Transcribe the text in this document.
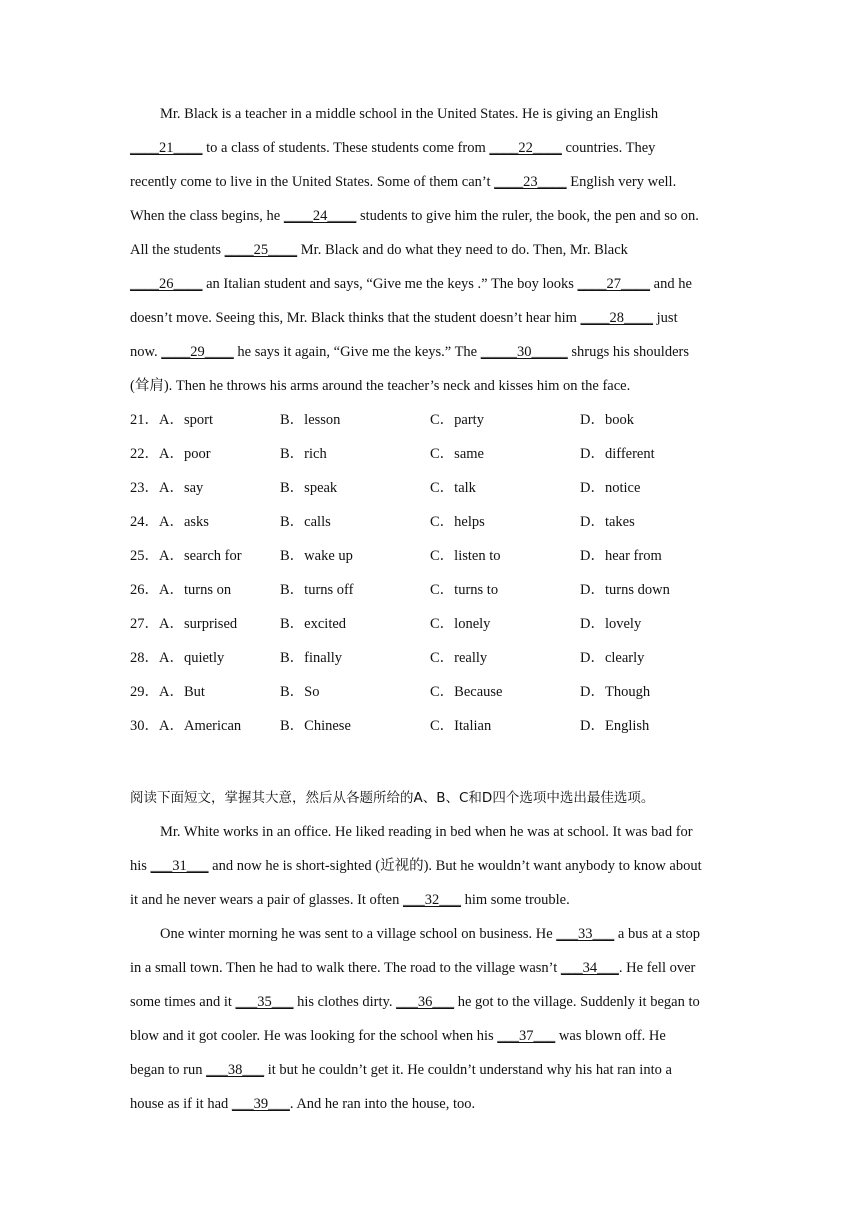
Mr. Black is a teacher in a middle school in the United States. He is giving an English
____21____ to a class of students. These students come from ____22____ countries. They
recently come to live in the United States. Some of them can’t ____23____ English very well.
When the class begins, he ____24____ students to give him the ruler, the book, the pen and so on.
All the students ____25____ Mr. Black and do what they need to do. Then, Mr. Black
____26____ an Italian student and says, “Give me the keys .” The boy looks ____27____ and he
doesn’t move. Seeing this, Mr. Black thinks that the student doesn’t hear him ____28____ just
now. ____29____ he says it again, “Give me the keys.” The _____30_____ shrugs his shoulders
(耸肩). Then he throws his arms around the teacher’s neck and kisses him on the face.
21．A．sport	B．lesson	C．party	D．book
22．A．poor	B．rich	C．same	D．different
23．A．say	B．speak	C．talk	D．notice
24．A．asks	B．calls	C．helps	D．takes
25．A．search for	B．wake up	C．listen to	D．hear from
26．A．turns on	B．turns off	C．turns to	D．turns down
27．A．surprised	B．excited	C．lonely	D．lovely
28．A．quietly	B．finally	C．really	D．clearly
29．A．But	B．So	C．Because	D．Though
30．A．American	B．Chinese	C．Italian	D．English
阅读下面短文，掌握其大意，然后从各题所给的A、B、C和D四个选项中选出最佳选项。
Mr. White works in an office. He liked reading in bed when he was at school. It was bad for
his ___31___ and now he is short-sighted (近视的). But he wouldn’t want anybody to know about
it and he never wears a pair of glasses. It often ___32___ him some trouble.
One winter morning he was sent to a village school on business. He ___33___ a bus at a stop
in a small town. Then he had to walk there. The road to the village wasn’t ___34___. He fell over
some times and it ___35___ his clothes dirty. ___36___ he got to the village. Suddenly it began to
blow and it got cooler. He was looking for the school when his ___37___ was blown off. He
began to run ___38___ it but he couldn’t get it. He couldn’t understand why his hat ran into a
house as if it had ___39___. And he ran into the house, too.
